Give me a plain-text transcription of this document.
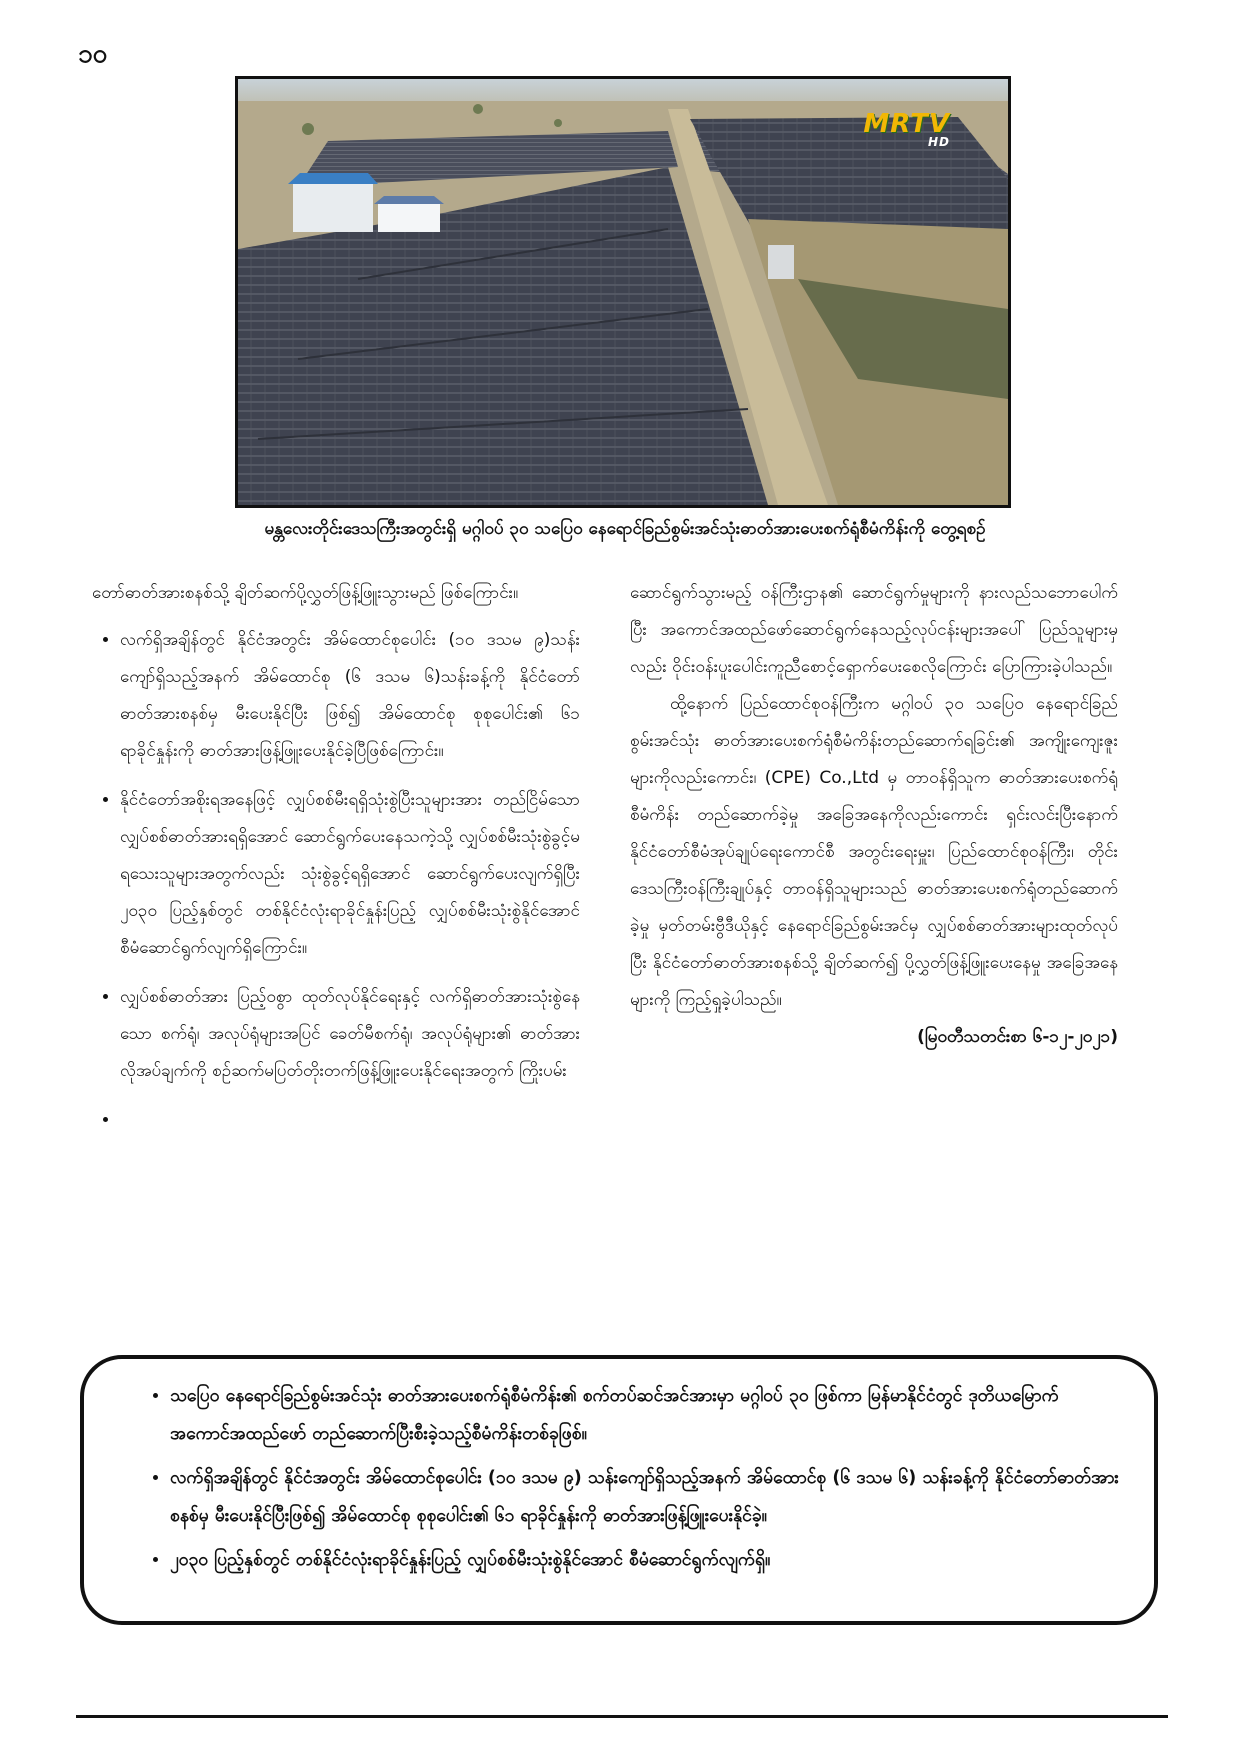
၁၀
MRTV
HD
မန္တလေးတိုင်းဒေသကြီးအတွင်းရှိ မဂ္ဂါဝပ် ၃၀ သပြေဝ နေရောင်ခြည်စွမ်းအင်သုံးဓာတ်အားပေးစက်ရုံစီမံကိန်းကို တွေ့ရစဉ်

တော်ဓာတ်အားစနစ်သို့ ချိတ်ဆက်ပို့လွှတ်ဖြန့်ဖြူးသွားမည် ဖြစ်ကြောင်း။

• လက်ရှိအချိန်တွင် နိုင်ငံအတွင်း အိမ်ထောင်စုပေါင်း (၁၀ ဒသမ ၉)သန်းကျော်ရှိသည့်အနက် အိမ်ထောင်စု (၆ ဒသမ ၆)သန်းခန့်ကို နိုင်ငံတော်ဓာတ်အားစနစ်မှ မီးပေးနိုင်ပြီး ဖြစ်၍ အိမ်ထောင်စု စုစုပေါင်း၏ ၆၁ ရာခိုင်နှုန်းကို ဓာတ်အားဖြန့်ဖြူးပေးနိုင်ခဲ့ပြီဖြစ်ကြောင်း။
• နိုင်ငံတော်အစိုးရအနေဖြင့် လျှပ်စစ်မီးရရှိသုံးစွဲပြီးသူများအား တည်ငြိမ်သော လျှပ်စစ်ဓာတ်အားရရှိအောင် ဆောင်ရွက်ပေးနေသကဲ့သို့ လျှပ်စစ်မီးသုံးစွဲခွင့်မရသေးသူများအတွက်လည်း သုံးစွဲခွင့်ရရှိအောင် ဆောင်ရွက်ပေးလျက်ရှိပြီး ၂၀၃၀ ပြည့်နှစ်တွင် တစ်နိုင်ငံလုံးရာခိုင်နှုန်းပြည့် လျှပ်စစ်မီးသုံးစွဲနိုင်အောင် စီမံဆောင်ရွက်လျက်ရှိကြောင်း။
• လျှပ်စစ်ဓာတ်အား ပြည့်ဝစွာ ထုတ်လုပ်နိုင်ရေးနှင့် လက်ရှိဓာတ်အားသုံးစွဲနေသော စက်ရုံ၊ အလုပ်ရုံများအပြင် ခေတ်မီစက်ရုံ၊ အလုပ်ရုံများ၏ ဓာတ်အားလိုအပ်ချက်ကို စဉ်ဆက်မပြတ်တိုးတက်ဖြန့်ဖြူးပေးနိုင်ရေးအတွက် ကြိုးပမ်း
•

ဆောင်ရွက်သွားမည့် ဝန်ကြီးဌာန၏ ဆောင်ရွက်မှုများကို နားလည်သဘောပေါက်ပြီး အကောင်အထည်ဖော်ဆောင်ရွက်နေသည့်လုပ်ငန်းများအပေါ် ပြည်သူများမှလည်း ဝိုင်းဝန်းပူးပေါင်းကူညီစောင့်ရှောက်ပေးစေလိုကြောင်း ပြောကြားခဲ့ပါသည်။

ထို့နောက် ပြည်ထောင်စုဝန်ကြီးက မဂ္ဂါဝပ် ၃၀ သပြေဝ နေရောင်ခြည်စွမ်းအင်သုံး ဓာတ်အားပေးစက်ရုံစီမံကိန်းတည်ဆောက်ရခြင်း၏ အကျိုးကျေးဇူးများကိုလည်းကောင်း၊ (CPE) Co.,Ltd မှ တာဝန်ရှိသူက ဓာတ်အားပေးစက်ရုံစီမံကိန်း တည်ဆောက်ခဲ့မှု အခြေအနေကိုလည်းကောင်း ရှင်းလင်းပြီးနောက် နိုင်ငံတော်စီမံအုပ်ချုပ်ရေးကောင်စီ အတွင်းရေးမှူး၊ ပြည်ထောင်စုဝန်ကြီး၊ တိုင်းဒေသကြီးဝန်ကြီးချုပ်နှင့် တာဝန်ရှိသူများသည် ဓာတ်အားပေးစက်ရုံတည်ဆောက်ခဲ့မှု မှတ်တမ်းဗွီဒီယိုနှင့် နေရောင်ခြည်စွမ်းအင်မှ လျှပ်စစ်ဓာတ်အားများထုတ်လုပ်ပြီး နိုင်ငံတော်ဓာတ်အားစနစ်သို့ ချိတ်ဆက်၍ ပို့လွှတ်ဖြန့်ဖြူးပေးနေမှု အခြေအနေများကို ကြည့်ရှုခဲ့ပါသည်။

(မြဝတီသတင်းစာ ၆-၁၂-၂၀၂၁)

• သပြေဝ နေရောင်ခြည်စွမ်းအင်သုံး ဓာတ်အားပေးစက်ရုံစီမံကိန်း၏ စက်တပ်ဆင်အင်အားမှာ မဂ္ဂါဝပ် ၃၀ ဖြစ်ကာ မြန်မာနိုင်ငံတွင် ဒုတိယမြောက် အကောင်အထည်ဖော် တည်ဆောက်ပြီးစီးခဲ့သည့်စီမံကိန်းတစ်ခုဖြစ်။
• လက်ရှိအချိန်တွင် နိုင်ငံအတွင်း အိမ်ထောင်စုပေါင်း (၁၀ ဒသမ ၉) သန်းကျော်ရှိသည့်အနက် အိမ်ထောင်စု (၆ ဒသမ ၆) သန်းခန့်ကို နိုင်ငံတော်ဓာတ်အားစနစ်မှ မီးပေးနိုင်ပြီးဖြစ်၍ အိမ်ထောင်စု စုစုပေါင်း၏ ၆၁ ရာခိုင်နှုန်းကို ဓာတ်အားဖြန့်ဖြူးပေးနိုင်ခဲ့။
• ၂၀၃၀ ပြည့်နှစ်တွင် တစ်နိုင်ငံလုံးရာခိုင်နှုန်းပြည့် လျှပ်စစ်မီးသုံးစွဲနိုင်အောင် စီမံဆောင်ရွက်လျက်ရှိ။
